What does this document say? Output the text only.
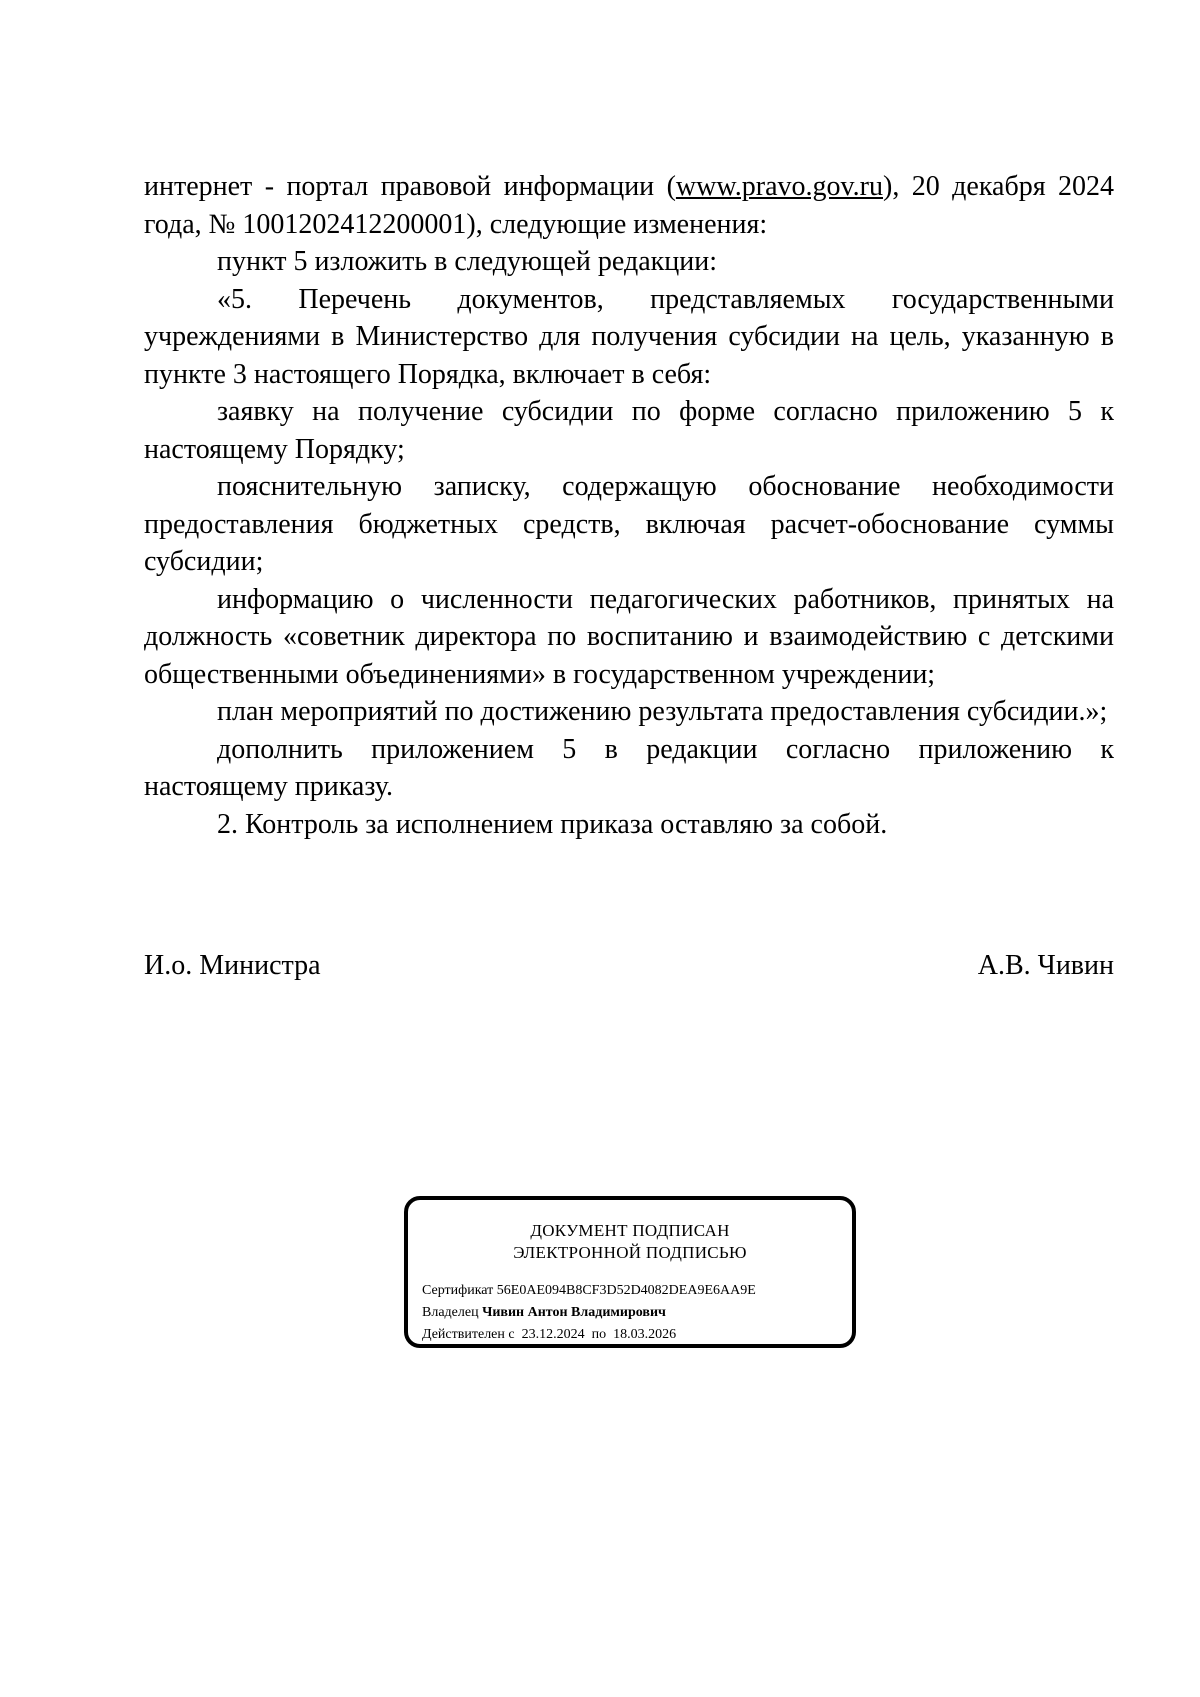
интернет - портал правовой информации (www.pravo.gov.ru), 20 декабря 2024 года, № 1001202412200001), следующие изменения:

пункт 5 изложить в следующей редакции:

«5. Перечень документов, представляемых государственными учреждениями в Министерство для получения субсидии на цель, указанную в пункте 3 настоящего Порядка, включает в себя:

заявку на получение субсидии по форме согласно приложению 5 к настоящему Порядку;

пояснительную записку, содержащую обоснование необходимости предоставления бюджетных средств, включая расчет-обоснование суммы субсидии;

информацию о численности педагогических работников, принятых на должность «советник директора по воспитанию и взаимодействию с детскими общественными объединениями» в государственном учреждении;

план мероприятий по достижению результата предоставления субсидии.»;

дополнить приложением 5 в редакции согласно приложению к настоящему приказу.

2. Контроль за исполнением приказа оставляю за собой.

И.о. Министра	А.В. Чивин
ДОКУМЕНТ ПОДПИСАН
ЭЛЕКТРОННОЙ ПОДПИСЬЮ
Сертификат 56E0AE094B8CF3D52D4082DEA9E6AA9E
Владелец Чивин Антон Владимирович
Действителен с 23.12.2024 по 18.03.2026
